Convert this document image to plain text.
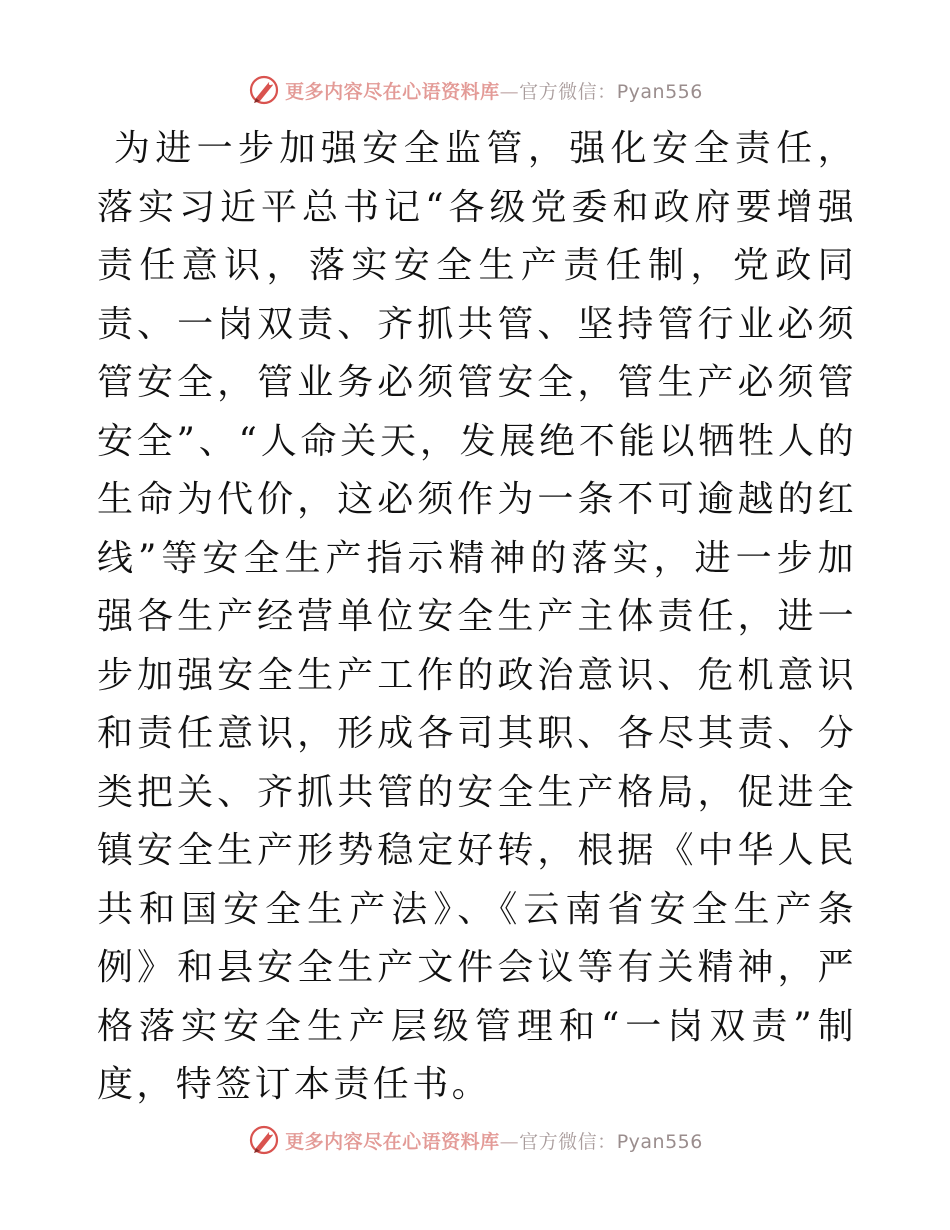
更多内容尽在心语资料库—官方微信：Pyan556
为进一步加强安全监管，强化安全责任，落实习近平总书记“各级党委和政府要增强责任意识，落实安全生产责任制，党政同责、一岗双责、齐抓共管、坚持管行业必须管安全，管业务必须管安全，管生产必须管安全”、“人命关天，发展绝不能以牺牲人的生命为代价，这必须作为一条不可逾越的红线”等安全生产指示精神的落实，进一步加强各生产经营单位安全生产主体责任，进一步加强安全生产工作的政治意识、危机意识和责任意识，形成各司其职、各尽其责、分类把关、齐抓共管的安全生产格局，促进全镇安全生产形势稳定好转，根据《中华人民共和国安全生产法》、《云南省安全生产条例》和县安全生产文件会议等有关精神，严格落实安全生产层级管理和“一岗双责”制度，特签订本责任书。
更多内容尽在心语资料库—官方微信：Pyan556
